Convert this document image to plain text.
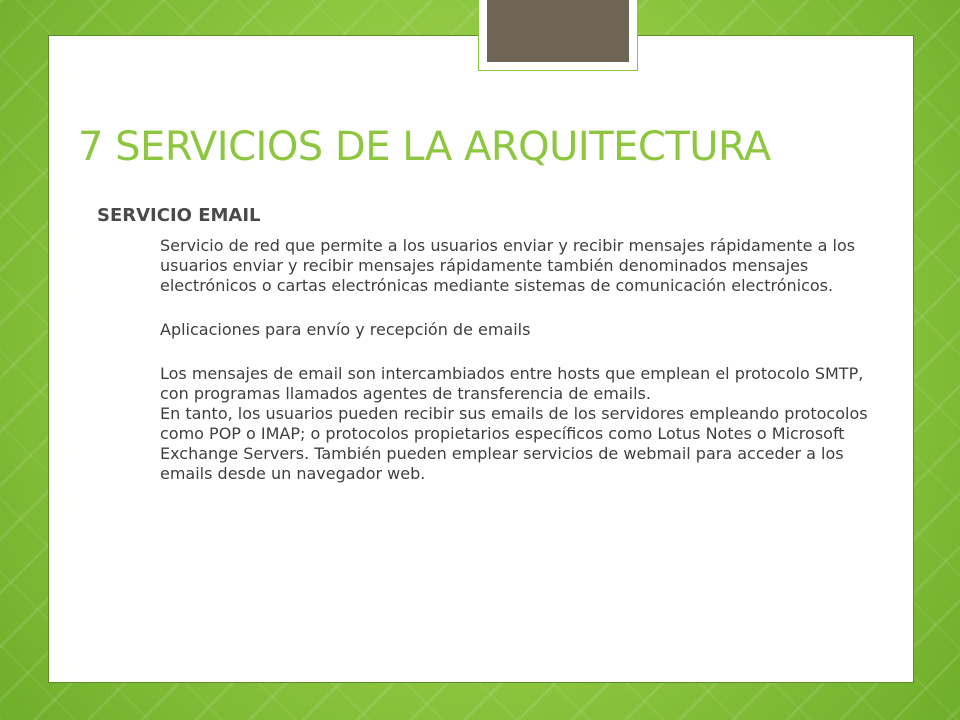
7 SERVICIOS DE LA ARQUITECTURA
SERVICIO EMAIL

Servicio de red que permite a los usuarios enviar y recibir mensajes rápidamente a los usuarios enviar y recibir mensajes rápidamente también denominados mensajes electrónicos o cartas electrónicas mediante sistemas de comunicación electrónicos.

Aplicaciones para envío y recepción de emails

Los mensajes de email son intercambiados entre hosts que emplean el protocolo SMTP, con programas llamados agentes de transferencia de emails.

En tanto, los usuarios pueden recibir sus emails de los servidores empleando protocolos como POP o IMAP; o protocolos propietarios específicos como Lotus Notes o Microsoft Exchange Servers. También pueden emplear servicios de webmail para acceder a los emails desde un navegador web.
